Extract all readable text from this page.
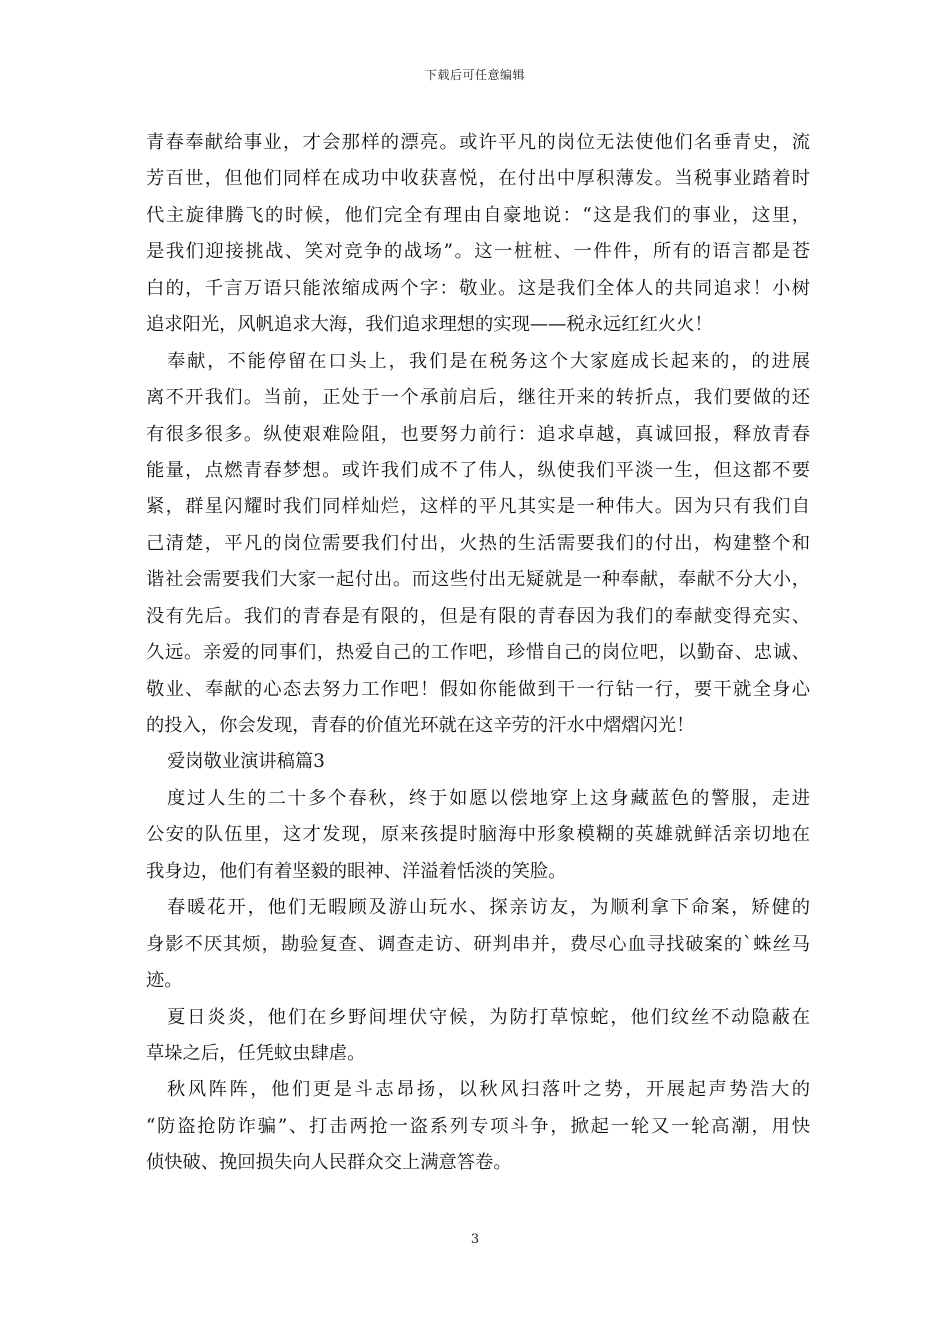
下载后可任意编辑
青春奉献给事业，才会那样的漂亮。或许平凡的岗位无法使他们名垂青史，流
芳百世，但他们同样在成功中收获喜悦，在付出中厚积薄发。当税事业踏着时
代主旋律腾飞的时候，他们完全有理由自豪地说：“这是我们的事业，这里，
是我们迎接挑战、笑对竞争的战场”。这一桩桩、一件件，所有的语言都是苍
白的，千言万语只能浓缩成两个字：敬业。这是我们全体人的共同追求！小树
追求阳光，风帆追求大海，我们追求理想的实现——税永远红红火火！
奉献，不能停留在口头上，我们是在税务这个大家庭成长起来的，的进展
离不开我们。当前，正处于一个承前启后，继往开来的转折点，我们要做的还
有很多很多。纵使艰难险阻，也要努力前行：追求卓越，真诚回报，释放青春
能量，点燃青春梦想。或许我们成不了伟人，纵使我们平淡一生，但这都不要
紧，群星闪耀时我们同样灿烂，这样的平凡其实是一种伟大。因为只有我们自
己清楚，平凡的岗位需要我们付出，火热的生活需要我们的付出，构建整个和
谐社会需要我们大家一起付出。而这些付出无疑就是一种奉献，奉献不分大小，
没有先后。我们的青春是有限的，但是有限的青春因为我们的奉献变得充实、
久远。亲爱的同事们，热爱自己的工作吧，珍惜自己的岗位吧，以勤奋、忠诚、
敬业、奉献的心态去努力工作吧！假如你能做到干一行钻一行，要干就全身心
的投入，你会发现，青春的价值光环就在这辛劳的汗水中熠熠闪光！
爱岗敬业演讲稿篇3
度过人生的二十多个春秋，终于如愿以偿地穿上这身藏蓝色的警服，走进
公安的队伍里，这才发现，原来孩提时脑海中形象模糊的英雄就鲜活亲切地在
我身边，他们有着坚毅的眼神、洋溢着恬淡的笑脸。
春暖花开，他们无暇顾及游山玩水、探亲访友，为顺利拿下命案，矫健的
身影不厌其烦，勘验复查、调查走访、研判串并，费尽心血寻找破案的`蛛丝马
迹。
夏日炎炎，他们在乡野间埋伏守候，为防打草惊蛇，他们纹丝不动隐蔽在
草垛之后，任凭蚊虫肆虐。
秋风阵阵，他们更是斗志昂扬，以秋风扫落叶之势，开展起声势浩大的
“防盗抢防诈骗”、打击两抢一盗系列专项斗争，掀起一轮又一轮高潮，用快
侦快破、挽回损失向人民群众交上满意答卷。
3
